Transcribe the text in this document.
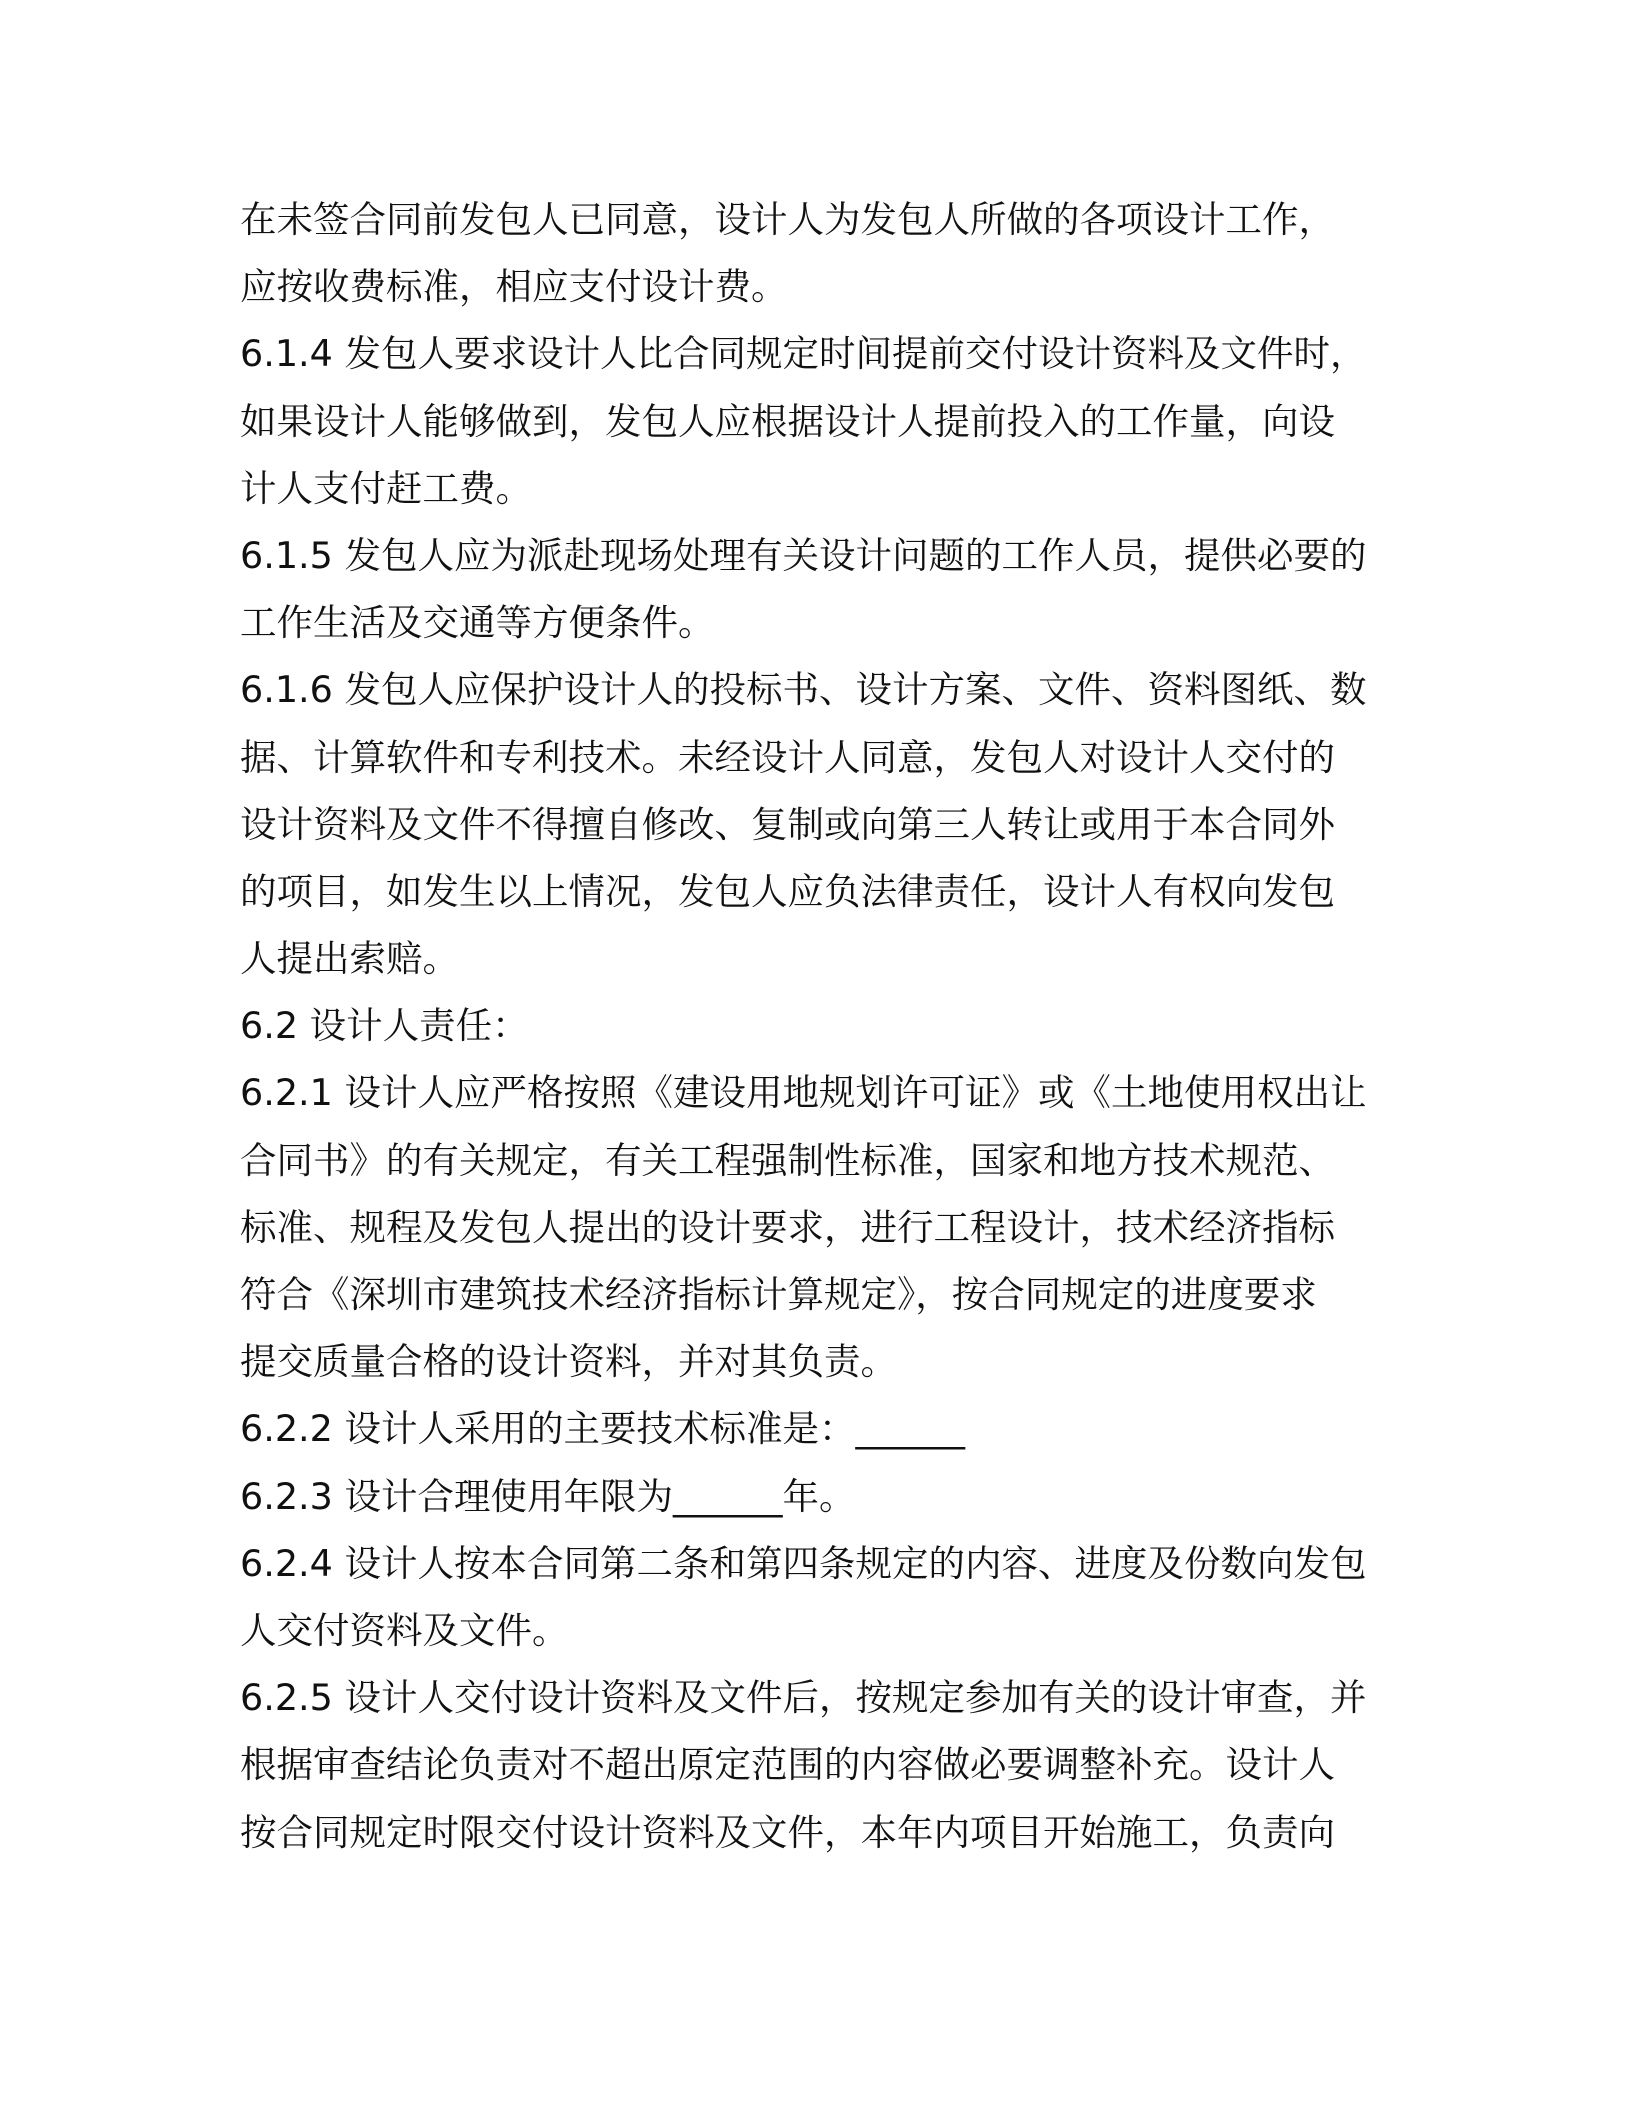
在未签合同前发包人已同意，设计人为发包人所做的各项设计工作，
应按收费标准，相应支付设计费。
6.1.4 发包人要求设计人比合同规定时间提前交付设计资料及文件时，
如果设计人能够做到，发包人应根据设计人提前投入的工作量，向设
计人支付赶工费。
6.1.5 发包人应为派赴现场处理有关设计问题的工作人员，提供必要的
工作生活及交通等方便条件。
6.1.6 发包人应保护设计人的投标书、设计方案、文件、资料图纸、数
据、计算软件和专利技术。未经设计人同意，发包人对设计人交付的
设计资料及文件不得擅自修改、复制或向第三人转让或用于本合同外
的项目，如发生以上情况，发包人应负法律责任，设计人有权向发包
人提出索赔。
6.2 设计人责任：
6.2.1 设计人应严格按照《建设用地规划许可证》或《土地使用权出让
合同书》的有关规定，有关工程强制性标准，国家和地方技术规范、
标准、规程及发包人提出的设计要求，进行工程设计，技术经济指标
符合《深圳市建筑技术经济指标计算规定》，按合同规定的进度要求
提交质量合格的设计资料，并对其负责。
6.2.2 设计人采用的主要技术标准是：______
6.2.3 设计合理使用年限为______年。
6.2.4 设计人按本合同第二条和第四条规定的内容、进度及份数向发包
人交付资料及文件。
6.2.5 设计人交付设计资料及文件后，按规定参加有关的设计审查，并
根据审查结论负责对不超出原定范围的内容做必要调整补充。设计人
按合同规定时限交付设计资料及文件，本年内项目开始施工，负责向
